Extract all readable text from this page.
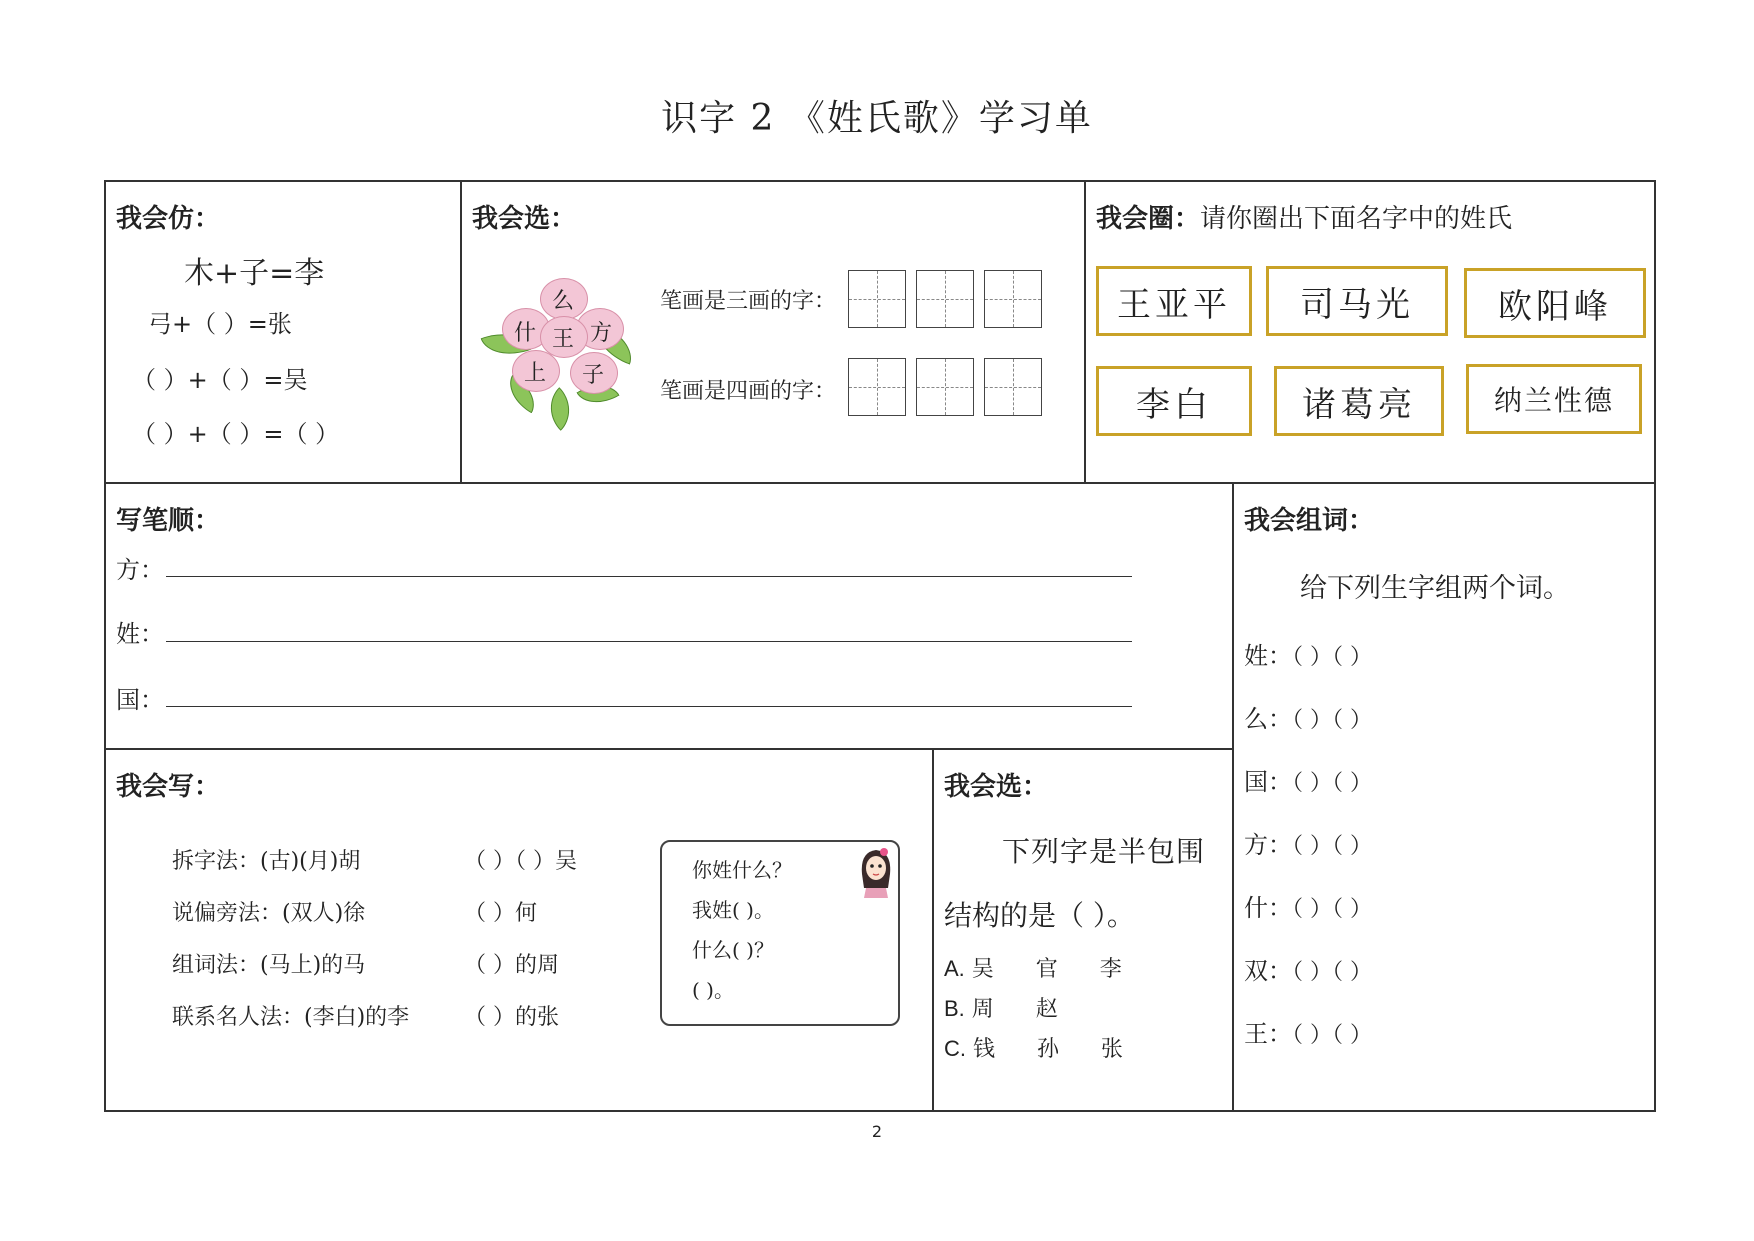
识字 2 《姓氏歌》学习单
我会仿：
木+子=李
弓+（ ）=张
（ ）+（ ）=吴
（ ）+（ ）=（ ）
我会选：
么
什 王 方
上 子
笔画是三画的字：
笔画是四画的字：
我会圈：请你圈出下面名字中的姓氏
王亚平	司马光	欧阳峰
李白	诸葛亮	纳兰性德
写笔顺：
方：
姓：
国：
我会组词：
给下列生字组两个词。
姓：（ ）（ ）
么：（ ）（ ）
国：（ ）（ ）
方：（ ）（ ）
什：（ ）（ ）
双：（ ）（ ）
王：（ ）（ ）
我会写：
拆字法：(古)(月)胡	（ ）（ ）吴
说偏旁法：(双人)徐	（ ）何
组词法：(马上)的马	（ ）的周
联系名人法：(李白)的李 （ ）的张
你姓什么？
我姓( )。
什么( )？
( )。
我会选：
下列字是半包围
结构的是（ ）。
A. 吴      官      李
B. 周      赵
C. 钱      孙      张
2
